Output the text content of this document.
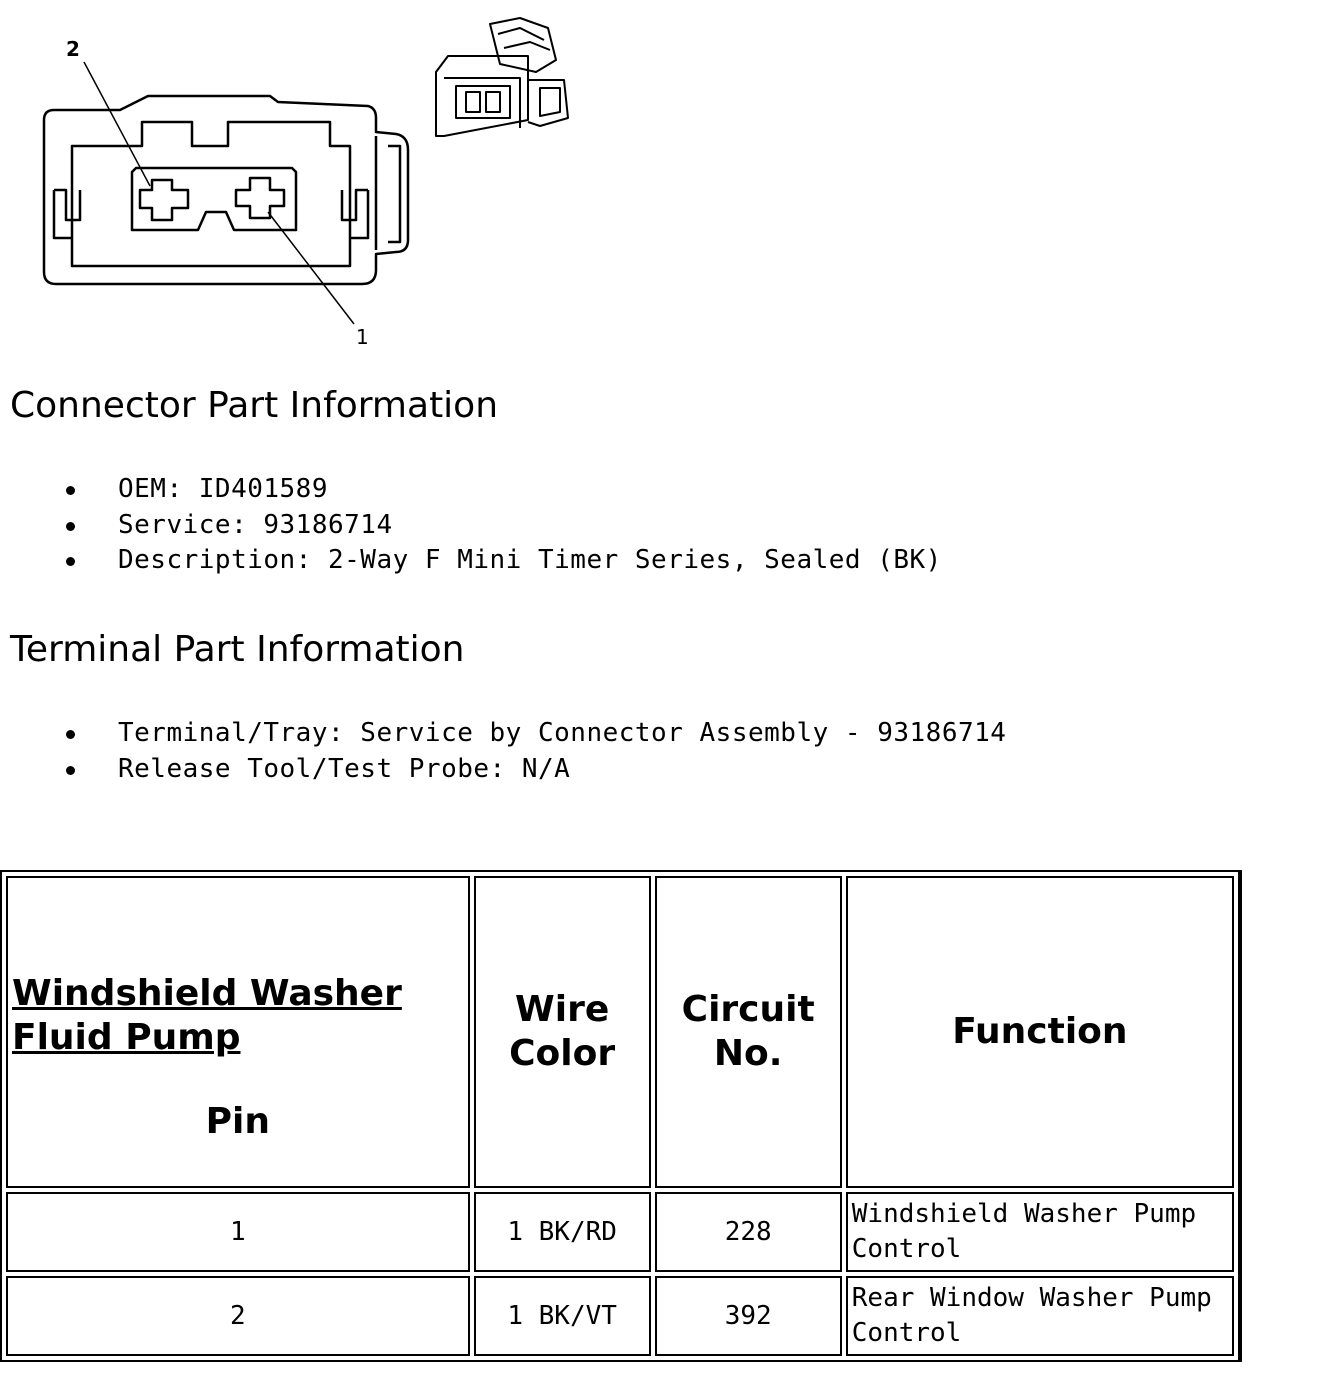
2
1
Connector Part Information
OEM: ID401589
Service: 93186714
Description: 2-Way F Mini Timer Series, Sealed (BK)
Terminal Part Information
Terminal/Tray: Service by Connector Assembly - 93186714
Release Tool/Test Probe: N/A
Windshield Washer Fluid Pump
Pin	Wire Color	Circuit No.	Function
1	1 BK/RD	228	Windshield Washer Pump Control
2	1 BK/VT	392	Rear Window Washer Pump Control
